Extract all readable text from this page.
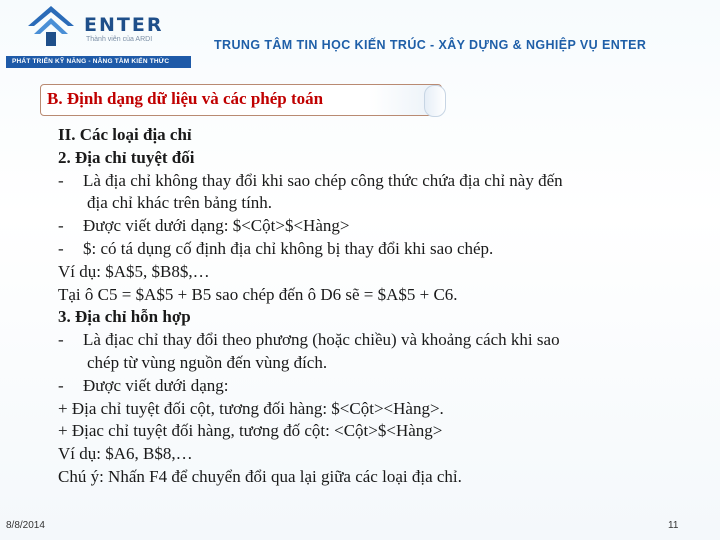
ENTER
Thành viên của ARDI
PHÁT TRIỂN KỸ NĂNG - NÂNG TẦM KIẾN THỨC
TRUNG TÂM TIN HỌC KIẾN TRÚC - XÂY DỰNG & NGHIỆP VỤ ENTER
B. Định dạng dữ liệu và các phép toán
II. Các loại địa chỉ
2. Địa chỉ tuyệt đối
- Là địa chỉ không thay đổi khi sao chép công thức chứa địa chỉ này đến
địa chỉ khác trên bảng tính.
- Được viết dưới dạng: $<Cột>$<Hàng>
- $: có tá dụng cố định địa chỉ không bị thay đổi khi sao chép.
Ví dụ: $A$5, $B8$,…
Tại ô C5 = $A$5 + B5 sao chép đến ô D6 sẽ = $A$5 + C6.
3. Địa chỉ hỗn hợp
- Là địac chỉ thay đổi theo phương (hoặc chiều) và khoảng cách khi sao
chép từ vùng nguồn đến vùng đích.
- Được viết dưới dạng:
+ Địa chỉ tuyệt đối cột, tương đối hàng: $<Cột><Hàng>.
+ Địac chỉ tuyệt đối hàng, tương đố cột: <Cột>$<Hàng>
Ví dụ: $A6, B$8,…
Chú ý: Nhấn F4 để chuyển đổi qua lại giữa các loại địa chỉ.
8/8/2014	11
